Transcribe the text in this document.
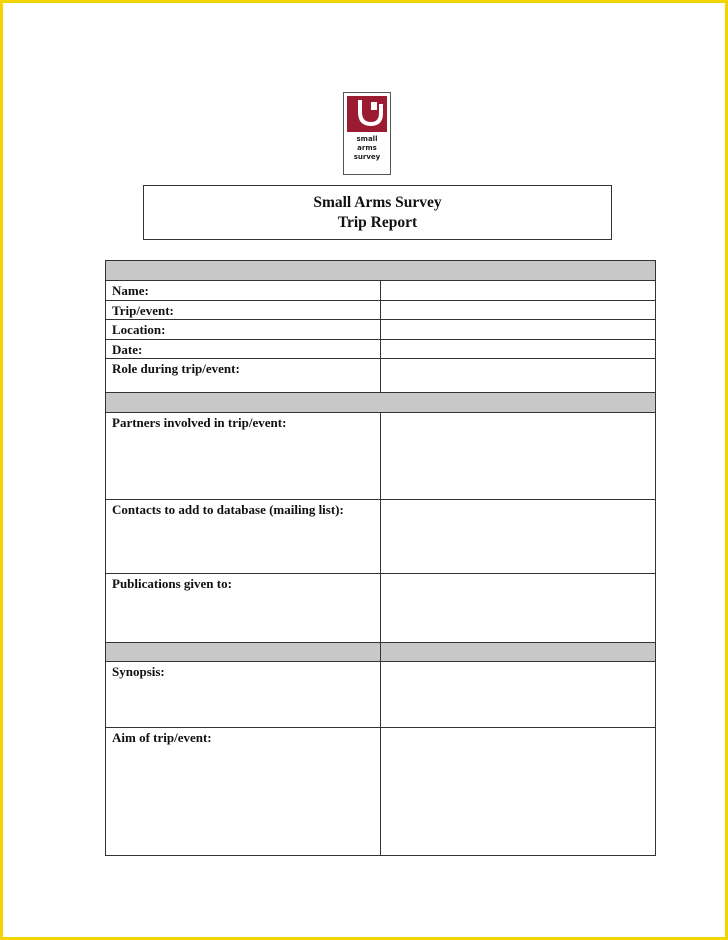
small
arms
survey
Small Arms Survey
Trip Report

Name:	
Trip/event:	
Location:	
Date:	
Role during trip/event:	

Partners involved in trip/event:	
Contacts to add to database (mailing list):	
Publications given to:	

Synopsis:	
Aim of trip/event:	
